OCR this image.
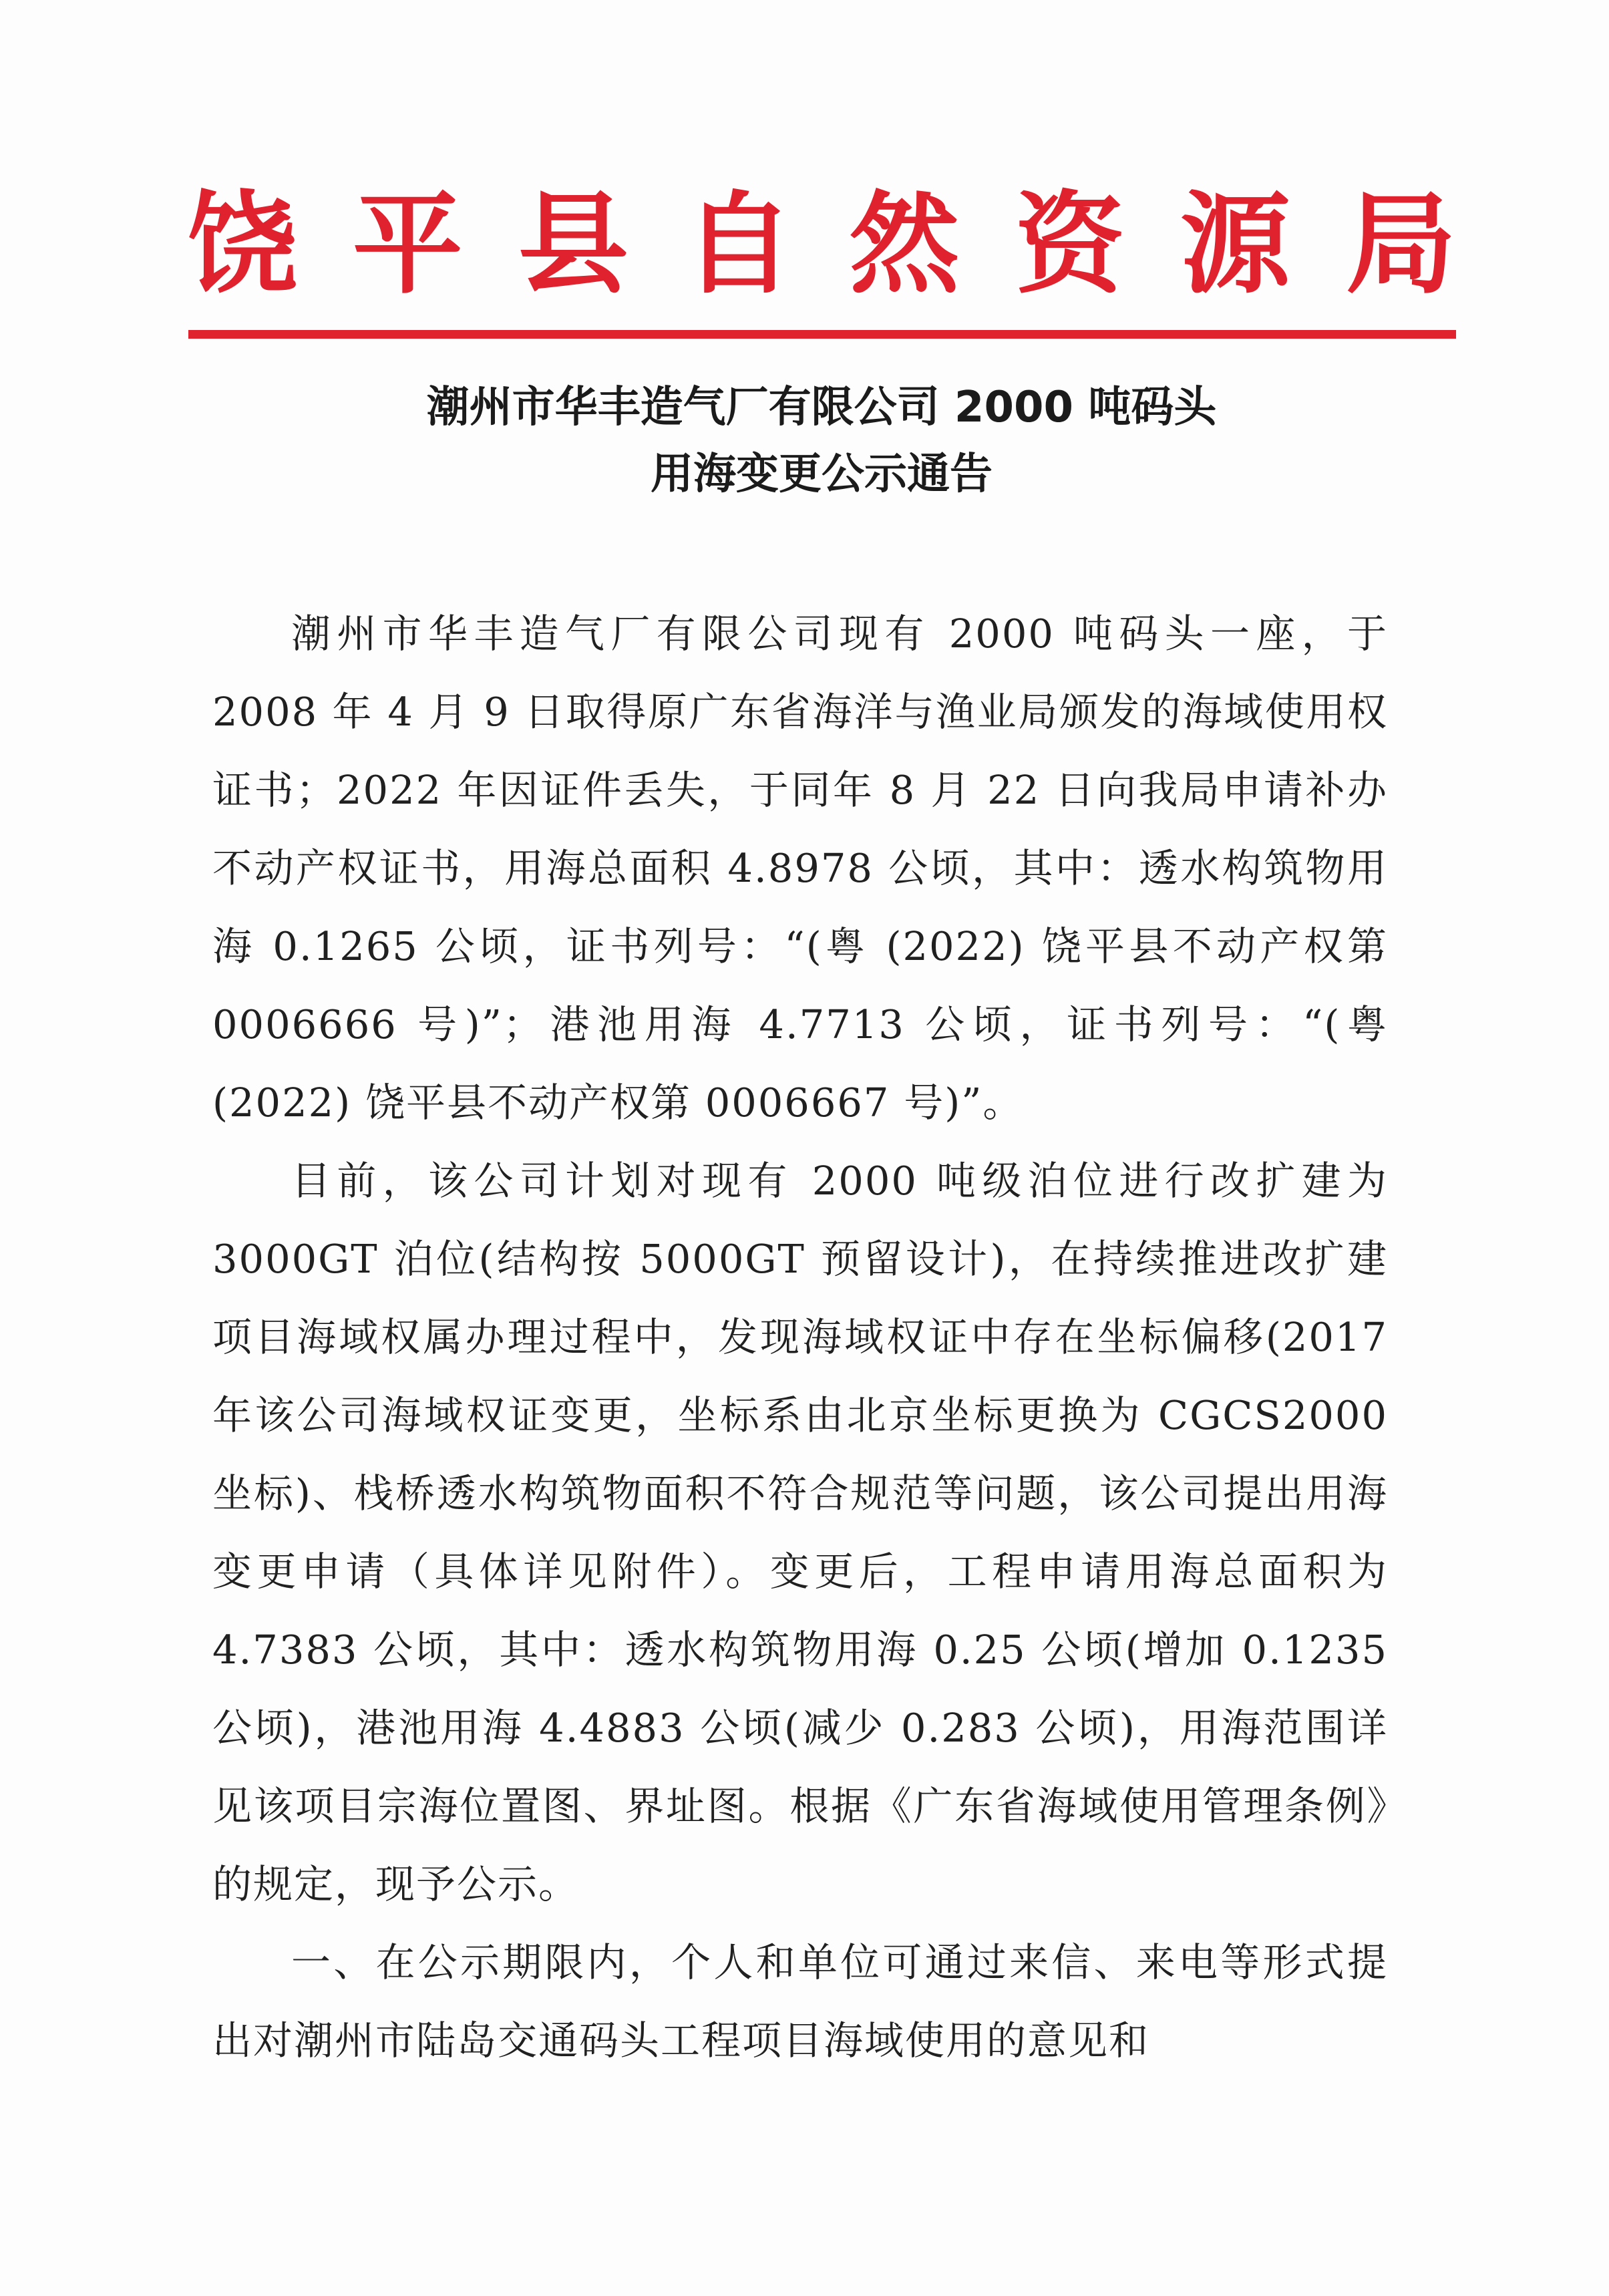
饶 平 县 自 然 资 源 局
潮州市华丰造气厂有限公司 2000 吨码头
用海变更公示通告

潮州市华丰造气厂有限公司现有 2000 吨码头一座，于 2008 年 4 月 9 日取得原广东省海洋与渔业局颁发的海域使用权证书；2022 年因证件丢失，于同年 8 月 22 日向我局申请补办不动产权证书，用海总面积 4.8978 公顷，其中：透水构筑物用海 0.1265 公顷，证书列号：“(粤 (2022) 饶平县不动产权第 0006666 号)”；港池用海 4.7713 公顷，证书列号：“(粤 (2022) 饶平县不动产权第 0006667 号)”。

目前，该公司计划对现有 2000 吨级泊位进行改扩建为 3000GT 泊位(结构按 5000GT 预留设计)，在持续推进改扩建项目海域权属办理过程中，发现海域权证中存在坐标偏移(2017 年该公司海域权证变更，坐标系由北京坐标更换为 CGCS2000 坐标)、栈桥透水构筑物面积不符合规范等问题，该公司提出用海变更申请（具体详见附件）。变更后，工程申请用海总面积为 4.7383 公顷，其中：透水构筑物用海 0.25 公顷(增加 0.1235 公顷)，港池用海 4.4883 公顷(减少 0.283 公顷)，用海范围详见该项目宗海位置图、界址图。根据《广东省海域使用管理条例》的规定，现予公示。

一、在公示期限内，个人和单位可通过来信、来电等形式提出对潮州市陆岛交通码头工程项目海域使用的意见和
